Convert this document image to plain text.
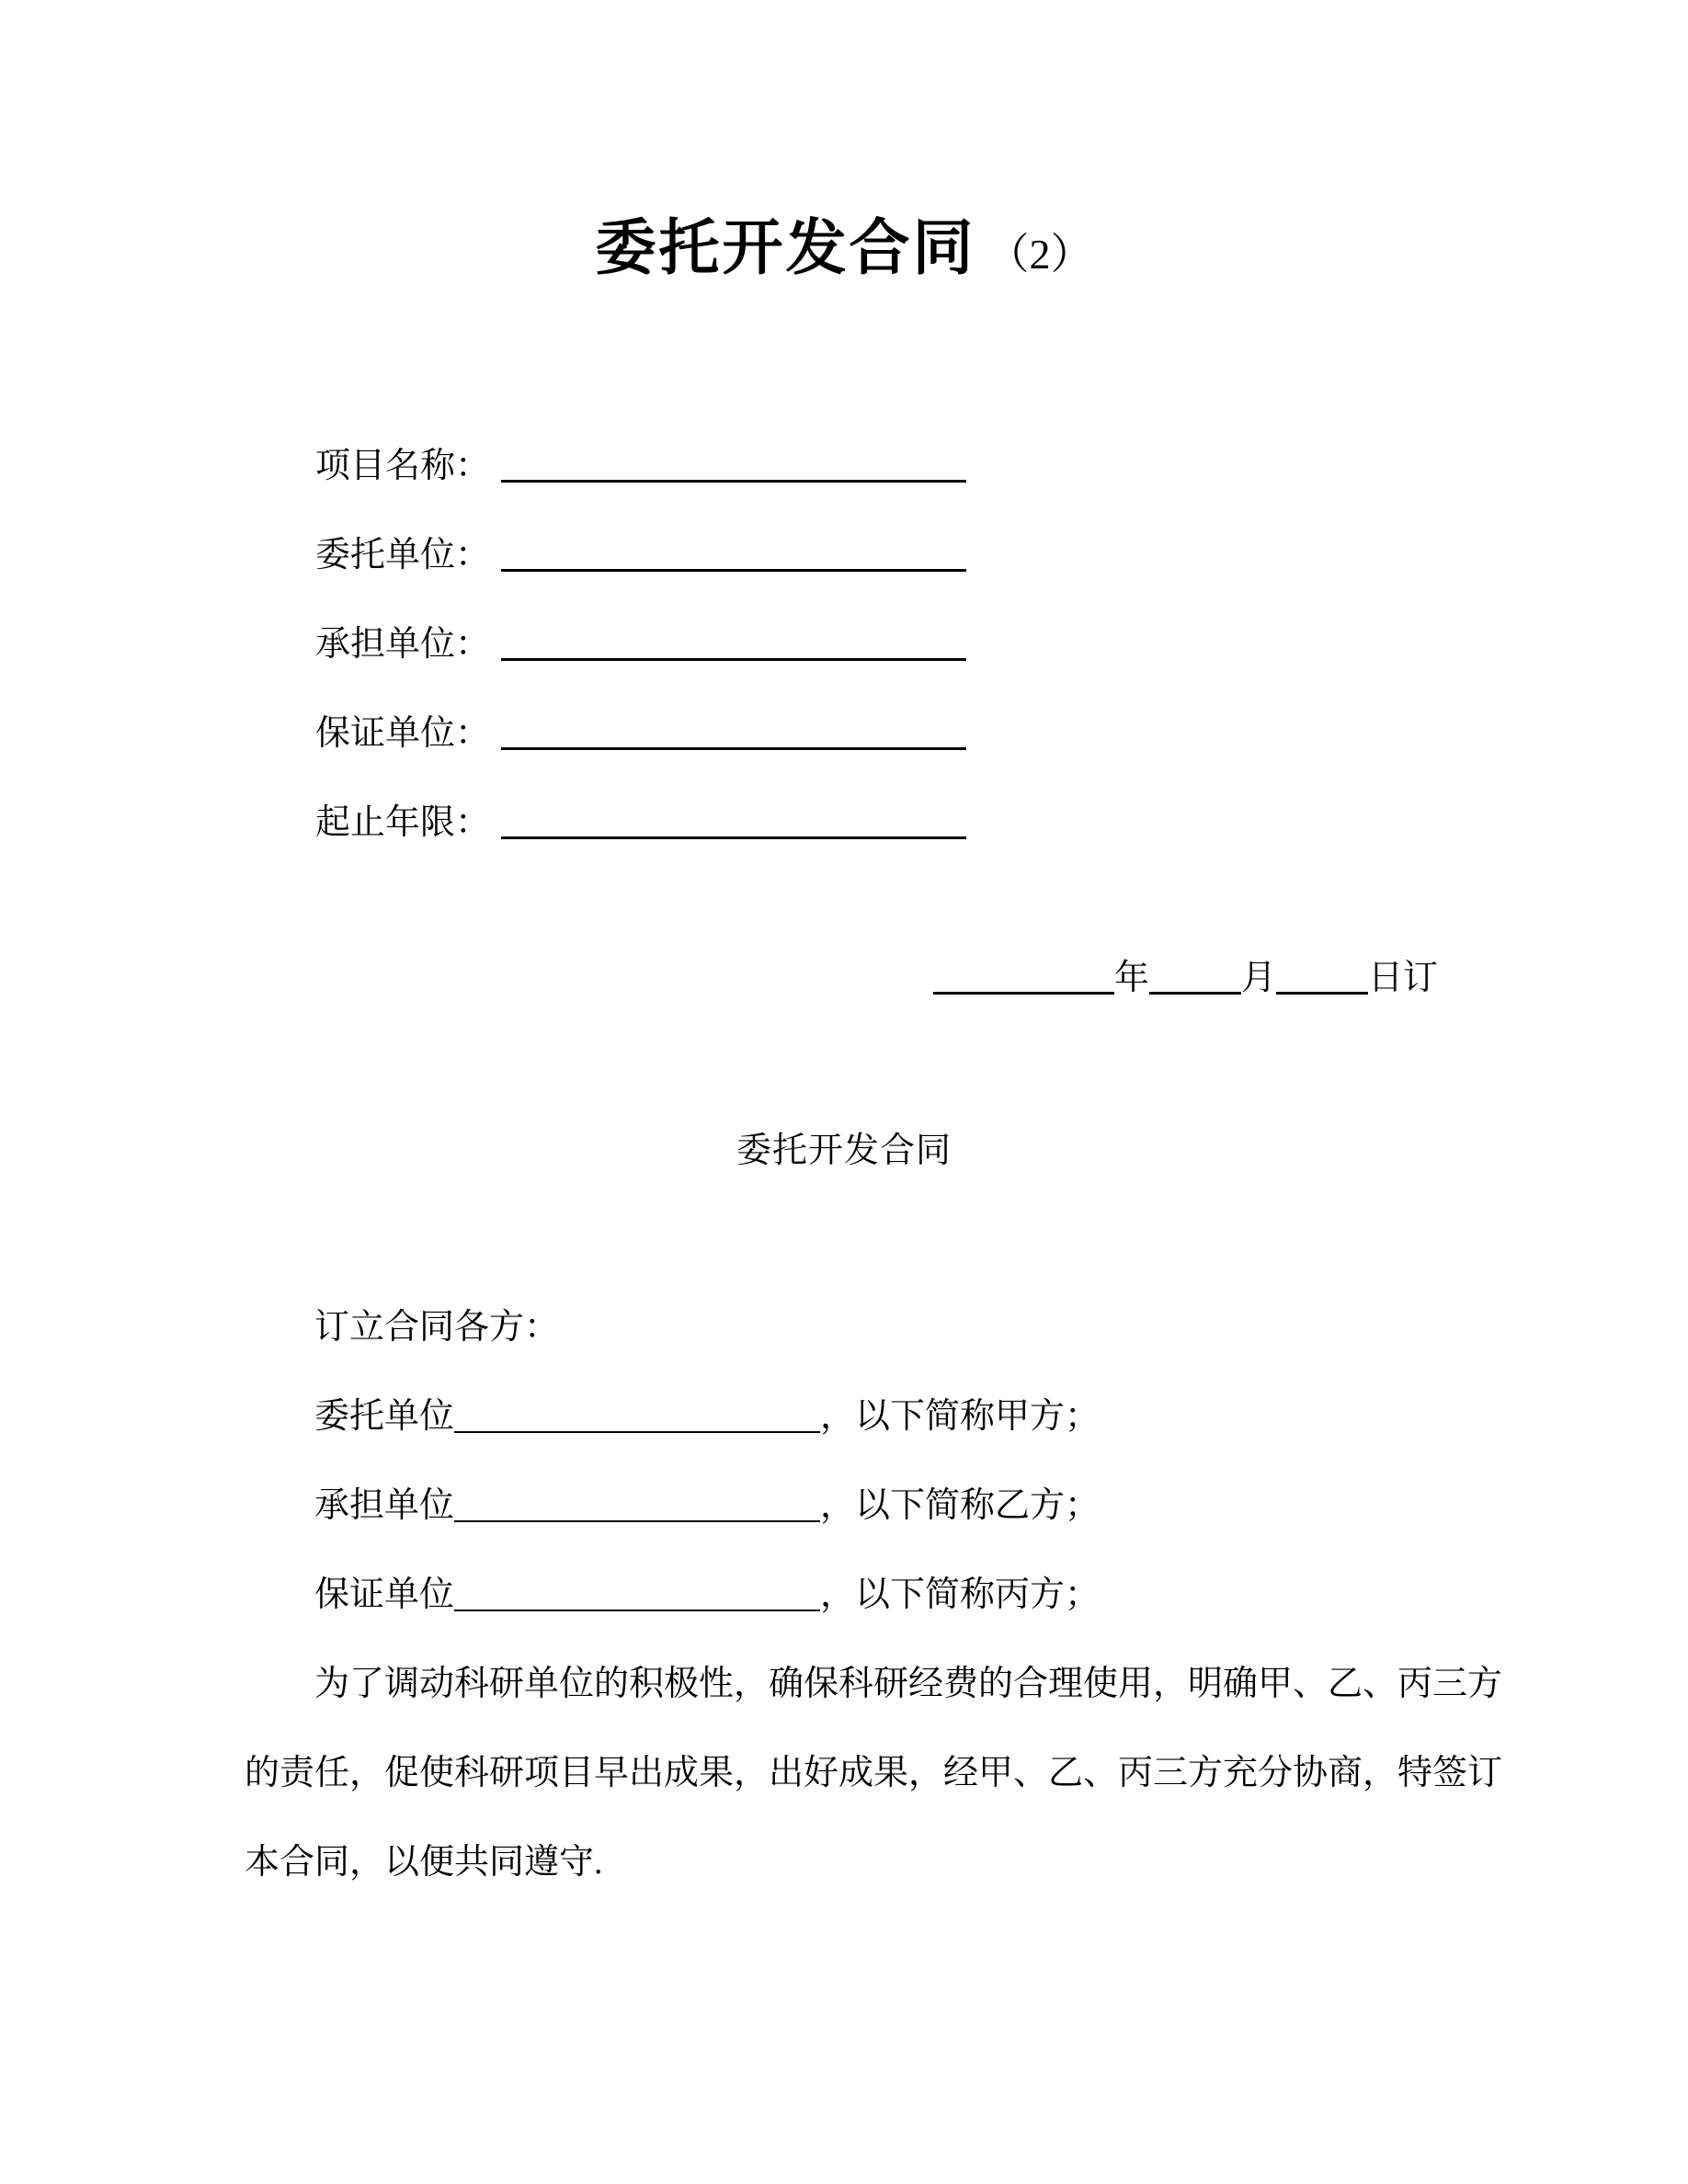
委托开发合同 （2）
项目名称：
委托单位：
承担单位：
保证单位：
起止年限：
年	月	日订
委托开发合同
订立合同各方：
委托单位	，以下简称甲方；
承担单位	，以下简称乙方；
保证单位	，以下简称丙方；
为了调动科研单位的积极性，确保科研经费的合理使用，明确甲、乙、丙三方
的责任，促使科研项目早出成果，出好成果，经甲、乙、丙三方充分协商，特签订
本合同，以便共同遵守.
